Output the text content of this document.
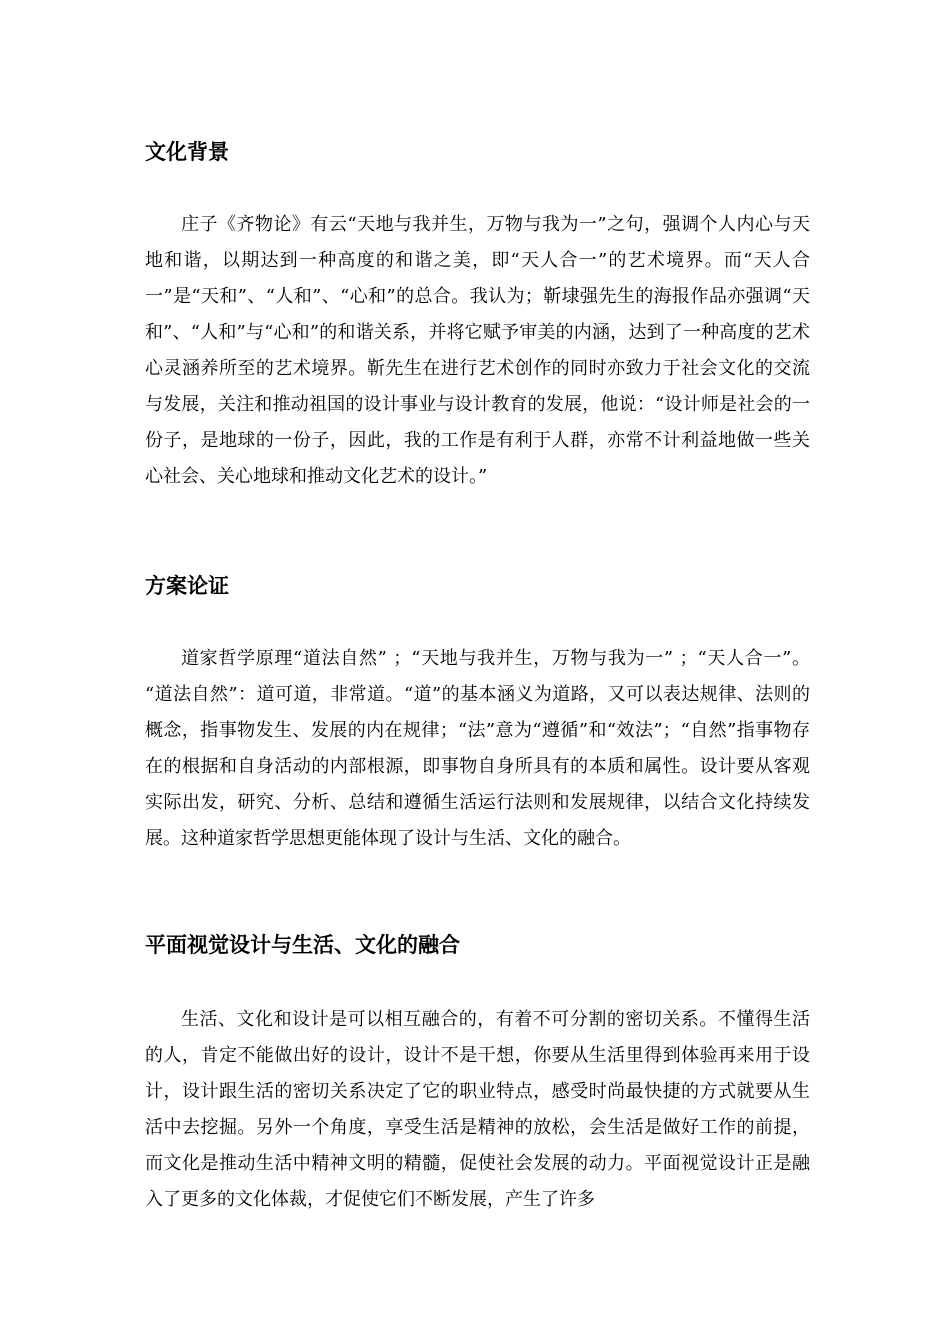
文化背景

庄子《齐物论》有云“天地与我并生，万物与我为一”之句，强调个人内心与天地和谐，以期达到一种高度的和谐之美，即“天人合一”的艺术境界。而“天人合一”是“天和”、“人和”、“心和”的总合。我认为；靳埭强先生的海报作品亦强调“天和”、“人和”与“心和”的和谐关系，并将它赋予审美的内涵，达到了一种高度的艺术心灵涵养所至的艺术境界。靳先生在进行艺术创作的同时亦致力于社会文化的交流与发展，关注和推动祖国的设计事业与设计教育的发展，他说：“设计师是社会的一份子，是地球的一份子，因此，我的工作是有利于人群，亦常不计利益地做一些关心社会、关心地球和推动文化艺术的设计。”

方案论证

道家哲学原理“道法自然” ；“天地与我并生，万物与我为一” ；“天人合一”。 “道法自然”：道可道，非常道。“道”的基本涵义为道路，又可以表达规律、法则的概念，指事物发生、发展的内在规律；“法”意为“遵循”和“效法”；“自然”指事物存在的根据和自身活动的内部根源，即事物自身所具有的本质和属性。设计要从客观实际出发，研究、分析、总结和遵循生活运行法则和发展规律，以结合文化持续发展。这种道家哲学思想更能体现了设计与生活、文化的融合。

平面视觉设计与生活、文化的融合

生活、文化和设计是可以相互融合的，有着不可分割的密切关系。不懂得生活的人，肯定不能做出好的设计，设计不是干想，你要从生活里得到体验再来用于设计，设计跟生活的密切关系决定了它的职业特点，感受时尚最快捷的方式就要从生活中去挖掘。另外一个角度，享受生活是精神的放松，会生活是做好工作的前提，而文化是推动生活中精神文明的精髓，促使社会发展的动力。平面视觉设计正是融入了更多的文化体裁，才促使它们不断发展，产生了许多
